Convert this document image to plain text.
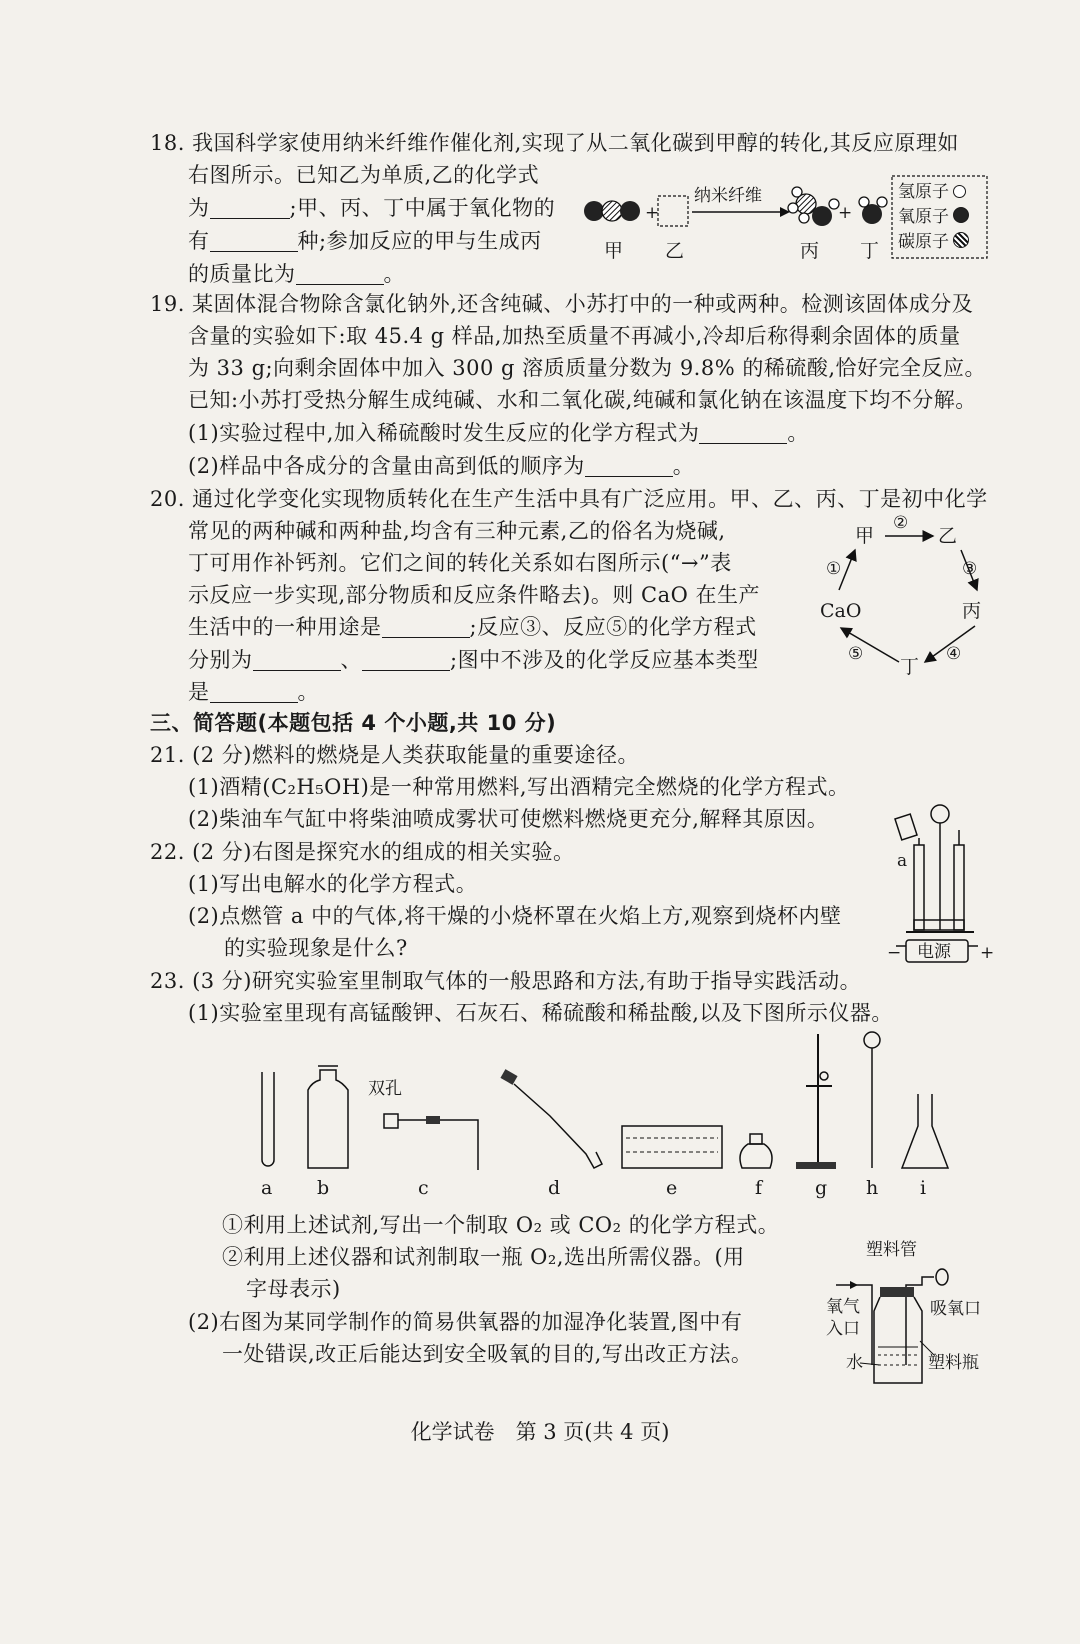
18. 我国科学家使用纳米纤维作催化剂,实现了从二氧化碳到甲醇的转化,其反应原理如
右图所示。已知乙为单质,乙的化学式
为	;甲、丙、丁中属于氧化物的
有	种;参加反应的甲与生成丙
的质量比为	。
+	+
纳米纤维
甲 乙	丙 丁
氢原子
氧原子
碳原子
19. 某固体混合物除含氯化钠外,还含纯碱、小苏打中的一种或两种。检测该固体成分及
含量的实验如下:取 45.4 g 样品,加热至质量不再减小,冷却后称得剩余固体的质量
为 33 g;向剩余固体中加入 300 g 溶质质量分数为 9.8% 的稀硫酸,恰好完全反应。
已知:小苏打受热分解生成纯碱、水和二氧化碳,纯碱和氯化钠在该温度下均不分解。
(1)实验过程中,加入稀硫酸时发生反应的化学方程式为	。
(2)样品中各成分的含量由高到低的顺序为	。
20. 通过化学变化实现物质转化在生产生活中具有广泛应用。甲、乙、丙、丁是初中化学
常见的两种碱和两种盐,均含有三种元素,乙的俗名为烧碱,
丁可用作补钙剂。它们之间的转化关系如右图所示(“→”表
示反应一步实现,部分物质和反应条件略去)。则 CaO 在生产
生活中的一种用途是	;反应③、反应⑤的化学方程式
分别为	、	;图中不涉及的化学反应基本类型
是	。
甲	乙
丙
丁
CaO
①
②
③
④
⑤
三、简答题(本题包括 4 个小题,共 10 分)
21. (2 分)燃料的燃烧是人类获取能量的重要途径。
(1)酒精(C₂H₅OH)是一种常用燃料,写出酒精完全燃烧的化学方程式。
(2)柴油车气缸中将柴油喷成雾状可使燃料燃烧更充分,解释其原因。
22. (2 分)右图是探究水的组成的相关实验。
(1)写出电解水的化学方程式。
(2)点燃管 a 中的气体,将干燥的小烧杯罩在火焰上方,观察到烧杯内壁
的实验现象是什么?
a
电源
−	+
23. (3 分)研究实验室里制取气体的一般思路和方法,有助于指导实践活动。
(1)实验室里现有高锰酸钾、石灰石、稀硫酸和稀盐酸,以及下图所示仪器。
双孔
a b	c	d	e	f	g h i
①利用上述试剂,写出一个制取 O₂ 或 CO₂ 的化学方程式。
②利用上述仪器和试剂制取一瓶 O₂,选出所需仪器。(用
字母表示)
(2)右图为某同学制作的简易供氧器的加湿净化装置,图中有
一处错误,改正后能达到安全吸氧的目的,写出改正方法。
塑料管
氧气
入口
吸氧口
水	塑料瓶
化学试卷　第 3 页(共 4 页)
